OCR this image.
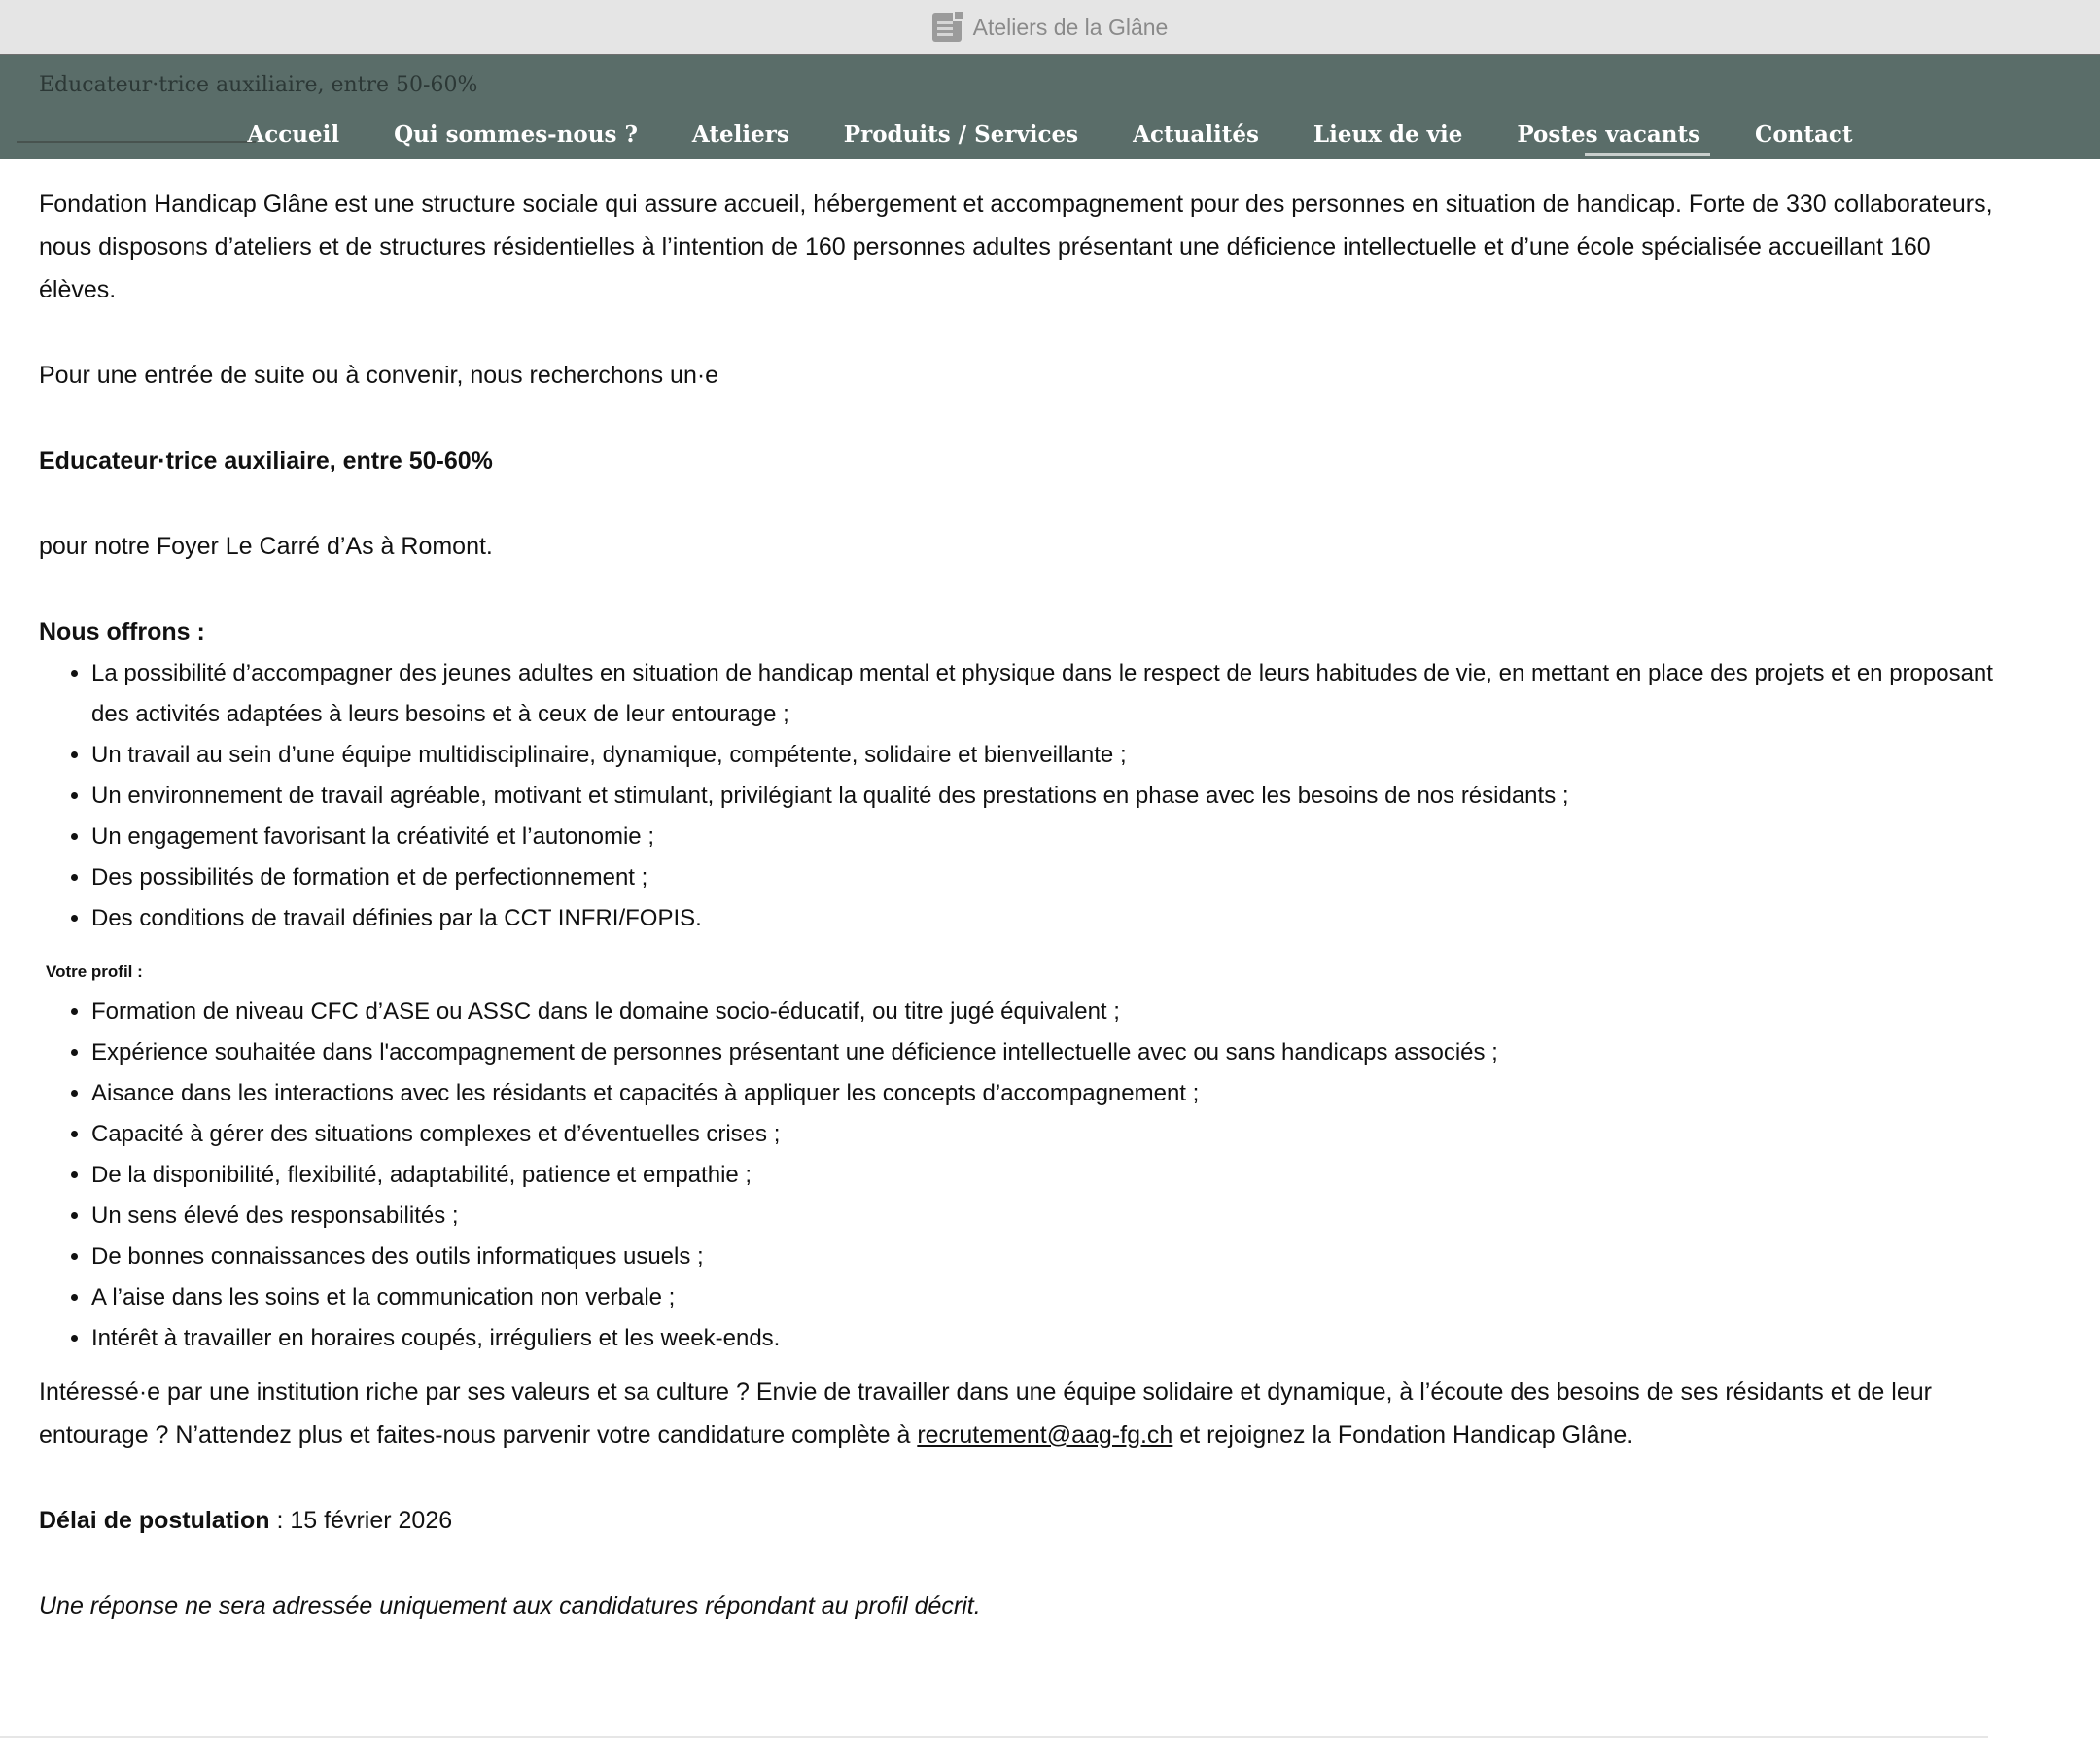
Ateliers de la Glâne
Educateur·trice auxiliaire, entre 50-60%
Accueil Qui sommes-nous ? Ateliers Produits / Services Actualités Lieux de vie Postes vacants Contact

Fondation Handicap Glâne est une structure sociale qui assure accueil, hébergement et accompagnement pour des personnes en situation de handicap. Forte de 330 collaborateurs, nous disposons d’ateliers et de structures résidentielles à l’intention de 160 personnes adultes présentant une déficience intellectuelle et d’une école spécialisée accueillant 160 élèves.

Pour une entrée de suite ou à convenir, nous recherchons un·e

Educateur·trice auxiliaire, entre 50-60%

pour notre Foyer Le Carré d’As à Romont.

Nous offrons :

• La possibilité d’accompagner des jeunes adultes en situation de handicap mental et physique dans le respect de leurs habitudes de vie, en mettant en place des projets et en proposant des activités adaptées à leurs besoins et à ceux de leur entourage ;
• Un travail au sein d’une équipe multidisciplinaire, dynamique, compétente, solidaire et bienveillante ;
• Un environnement de travail agréable, motivant et stimulant, privilégiant la qualité des prestations en phase avec les besoins de nos résidants ;
• Un engagement favorisant la créativité et l’autonomie ;
• Des possibilités de formation et de perfectionnement ;
• Des conditions de travail définies par la CCT INFRI/FOPIS.
Votre profil :
• Formation de niveau CFC d’ASE ou ASSC dans le domaine socio-éducatif, ou titre jugé équivalent ;
• Expérience souhaitée dans l'accompagnement de personnes présentant une déficience intellectuelle avec ou sans handicaps associés ;
• Aisance dans les interactions avec les résidants et capacités à appliquer les concepts d’accompagnement ;
• Capacité à gérer des situations complexes et d’éventuelles crises ;
• De la disponibilité, flexibilité, adaptabilité, patience et empathie ;
• Un sens élevé des responsabilités ;
• De bonnes connaissances des outils informatiques usuels ;
• A l’aise dans les soins et la communication non verbale ;
• Intérêt à travailler en horaires coupés, irréguliers et les week-ends.

Intéressé·e par une institution riche par ses valeurs et sa culture ? Envie de travailler dans une équipe solidaire et dynamique, à l’écoute des besoins de ses résidants et de leur entourage ? N’attendez plus et faites-nous parvenir votre candidature complète à recrutement@aag-fg.ch et rejoignez la Fondation Handicap Glâne.

Délai de postulation : 15 février 2026

Une réponse ne sera adressée uniquement aux candidatures répondant au profil décrit.
